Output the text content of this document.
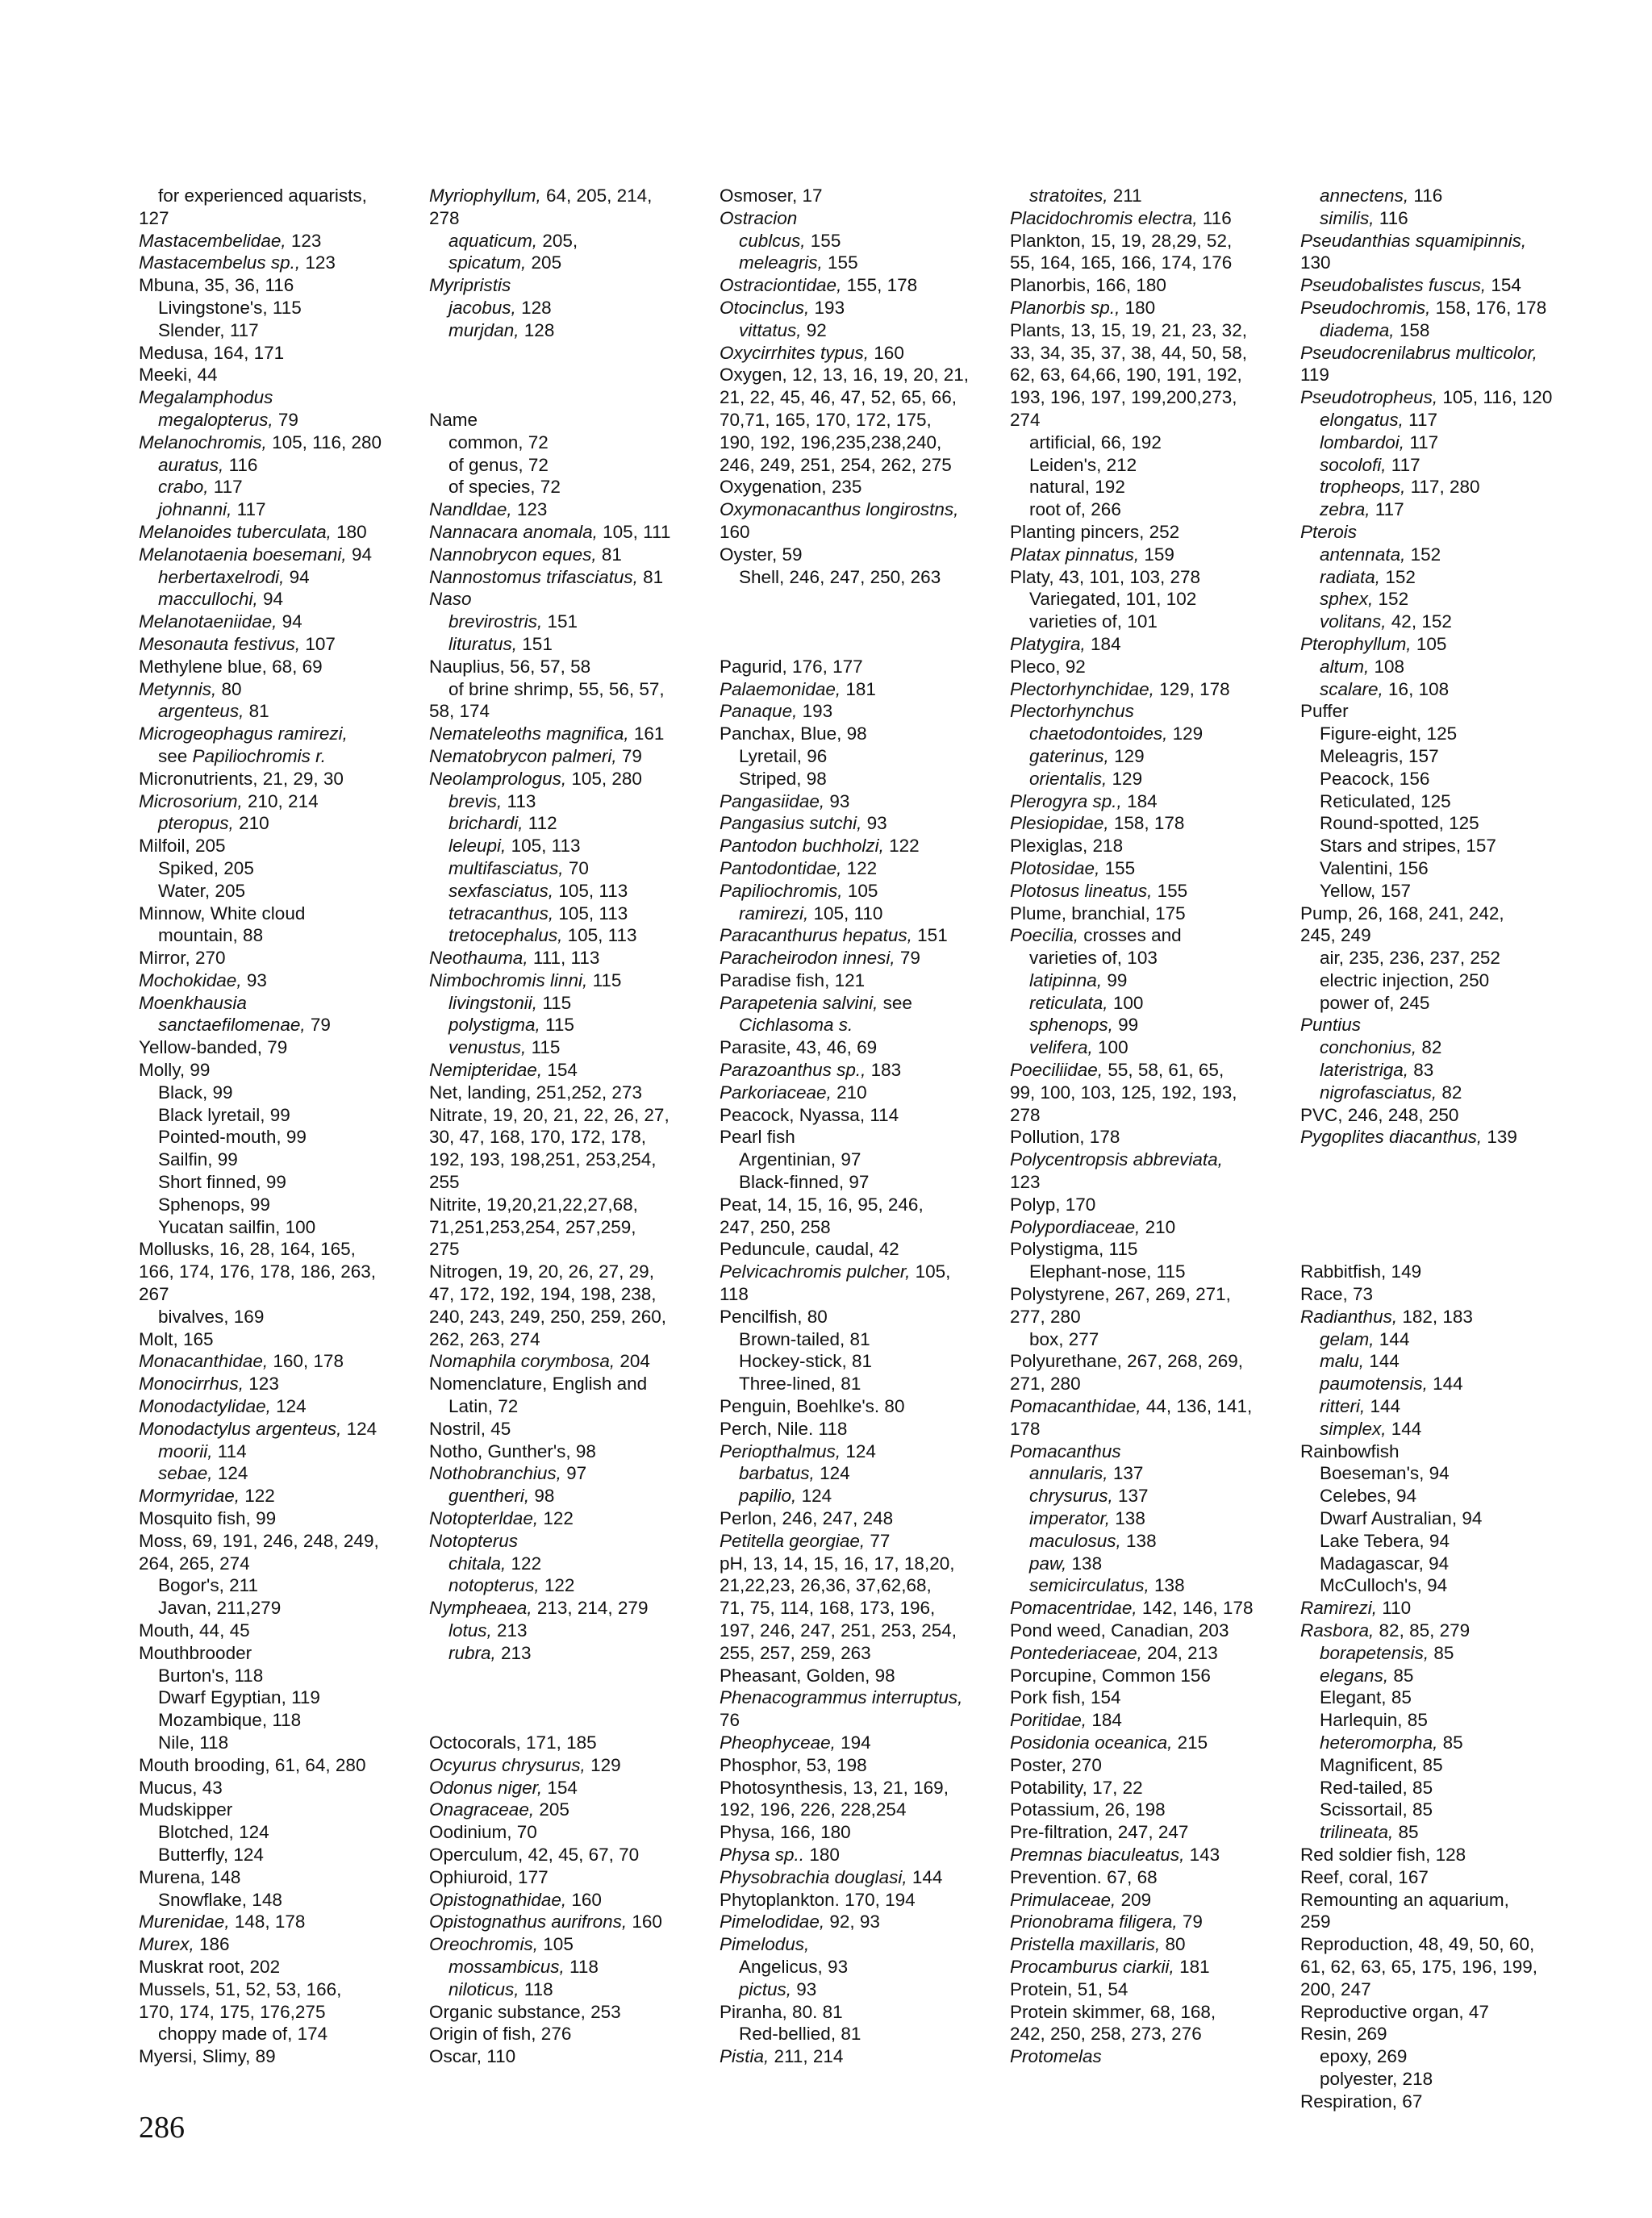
for experienced aquarists,
127
Mastacembelidae, 123
Mastacembelus sp., 123
Mbuna, 35, 36, 116
Livingstone's, 115
Slender, 117
Medusa, 164, 171
Meeki, 44
Megalamphodus
megalopterus, 79
Melanochromis, 105, 116, 280
auratus, 116
crabo, 117
johnanni, 117
Melanoides tuberculata, 180
Melanotaenia boesemani, 94
herbertaxelrodi, 94
maccullochi, 94
Melanotaeniidae, 94
Mesonauta festivus, 107
Methylene blue, 68, 69
Metynnis, 80
argenteus, 81
Microgeophagus ramirezi,
see Papiliochromis r.
Micronutrients, 21, 29, 30
Microsorium, 210, 214
pteropus, 210
Milfoil, 205
Spiked, 205
Water, 205
Minnow, White cloud
mountain, 88
Mirror, 270
Mochokidae, 93
Moenkhausia
sanctaefilomenae, 79
Yellow-banded, 79
Molly, 99
Black, 99
Black lyretail, 99
Pointed-mouth, 99
Sailfin, 99
Short finned, 99
Sphenops, 99
Yucatan sailfin, 100
Mollusks, 16, 28, 164, 165,
166, 174, 176, 178, 186, 263,
267
bivalves, 169
Molt, 165
Monacanthidae, 160, 178
Monocirrhus, 123
Monodactylidae, 124
Monodactylus argenteus, 124
moorii, 114
sebae, 124
Mormyridae, 122
Mosquito fish, 99
Moss, 69, 191, 246, 248, 249,
264, 265, 274
Bogor's, 211
Javan, 211,279
Mouth, 44, 45
Mouthbrooder
Burton's, 118
Dwarf Egyptian, 119
Mozambique, 118
Nile, 118
Mouth brooding, 61, 64, 280
Mucus, 43
Mudskipper
Blotched, 124
Butterfly, 124
Murena, 148
Snowflake, 148
Murenidae, 148, 178
Murex, 186
Muskrat root, 202
Mussels, 51, 52, 53, 166,
170, 174, 175, 176,275
choppy made of, 174
Myersi, Slimy, 89
Myriophyllum, 64, 205, 214,
278
aquaticum, 205,
spicatum, 205
Myripristis
jacobus, 128
murjdan, 128
Name
common, 72
of genus, 72
of species, 72
Nandldae, 123
Nannacara anomala, 105, 111
Nannobrycon eques, 81
Nannostomus trifasciatus, 81
Naso
brevirostris, 151
lituratus, 151
Nauplius, 56, 57, 58
of brine shrimp, 55, 56, 57,
58, 174
Nemateleoths magnifica, 161
Nematobrycon palmeri, 79
Neolamprologus, 105, 280
brevis, 113
brichardi, 112
leleupi, 105, 113
multifasciatus, 70
sexfasciatus, 105, 113
tetracanthus, 105, 113
tretocephalus, 105, 113
Neothauma, 111, 113
Nimbochromis linni, 115
livingstonii, 115
polystigma, 115
venustus, 115
Nemipteridae, 154
Net, landing, 251,252, 273
Nitrate, 19, 20, 21, 22, 26, 27,
30, 47, 168, 170, 172, 178,
192, 193, 198,251, 253,254,
255
Nitrite, 19,20,21,22,27,68,
71,251,253,254, 257,259,
275
Nitrogen, 19, 20, 26, 27, 29,
47, 172, 192, 194, 198, 238,
240, 243, 249, 250, 259, 260,
262, 263, 274
Nomaphila corymbosa, 204
Nomenclature, English and
Latin, 72
Nostril, 45
Notho, Gunther's, 98
Nothobranchius, 97
guentheri, 98
Notopterldae, 122
Notopterus
chitala, 122
notopterus, 122
Nympheaea, 213, 214, 279
lotus, 213
rubra, 213
Octocorals, 171, 185
Ocyurus chrysurus, 129
Odonus niger, 154
Onagraceae, 205
Oodinium, 70
Operculum, 42, 45, 67, 70
Ophiuroid, 177
Opistognathidae, 160
Opistognathus aurifrons, 160
Oreochromis, 105
mossambicus, 118
niloticus, 118
Organic substance, 253
Origin of fish, 276
Oscar, 110
Osmoser, 17
Ostracion
cublcus, 155
meleagris, 155
Ostraciontidae, 155, 178
Otocinclus, 193
vittatus, 92
Oxycirrhites typus, 160
Oxygen, 12, 13, 16, 19, 20, 21,
21, 22, 45, 46, 47, 52, 65, 66,
70,71, 165, 170, 172, 175,
190, 192, 196,235,238,240,
246, 249, 251, 254, 262, 275
Oxygenation, 235
Oxymonacanthus longirostns,
160
Oyster, 59
Shell, 246, 247, 250, 263
Pagurid, 176, 177
Palaemonidae, 181
Panaque, 193
Panchax, Blue, 98
Lyretail, 96
Striped, 98
Pangasiidae, 93
Pangasius sutchi, 93
Pantodon buchholzi, 122
Pantodontidae, 122
Papiliochromis, 105
ramirezi, 105, 110
Paracanthurus hepatus, 151
Paracheirodon innesi, 79
Paradise fish, 121
Parapetenia salvini, see
Cichlasoma s.
Parasite, 43, 46, 69
Parazoanthus sp., 183
Parkoriaceae, 210
Peacock, Nyassa, 114
Pearl fish
Argentinian, 97
Black-finned, 97
Peat, 14, 15, 16, 95, 246,
247, 250, 258
Peduncule, caudal, 42
Pelvicachromis pulcher, 105,
118
Pencilfish, 80
Brown-tailed, 81
Hockey-stick, 81
Three-lined, 81
Penguin, Boehlke's. 80
Perch, Nile. 118
Periopthalmus, 124
barbatus, 124
papilio, 124
Perlon, 246, 247, 248
Petitella georgiae, 77
pH, 13, 14, 15, 16, 17, 18,20,
21,22,23, 26,36, 37,62,68,
71, 75, 114, 168, 173, 196,
197, 246, 247, 251, 253, 254,
255, 257, 259, 263
Pheasant, Golden, 98
Phenacogrammus interruptus,
76
Pheophyceae, 194
Phosphor, 53, 198
Photosynthesis, 13, 21, 169,
192, 196, 226, 228,254
Physa, 166, 180
Physa sp.. 180
Physobrachia douglasi, 144
Phytoplankton. 170, 194
Pimelodidae, 92, 93
Pimelodus,
Angelicus, 93
pictus, 93
Piranha, 80. 81
Red-bellied, 81
Pistia, 211, 214
stratoites, 211
Placidochromis electra, 116
Plankton, 15, 19, 28,29, 52,
55, 164, 165, 166, 174, 176
Planorbis, 166, 180
Planorbis sp., 180
Plants, 13, 15, 19, 21, 23, 32,
33, 34, 35, 37, 38, 44, 50, 58,
62, 63, 64,66, 190, 191, 192,
193, 196, 197, 199,200,273,
274
artificial, 66, 192
Leiden's, 212
natural, 192
root of, 266
Planting pincers, 252
Platax pinnatus, 159
Platy, 43, 101, 103, 278
Variegated, 101, 102
varieties of, 101
Platygira, 184
Pleco, 92
Plectorhynchidae, 129, 178
Plectorhynchus
chaetodontoides, 129
gaterinus, 129
orientalis, 129
Plerogyra sp., 184
Plesiopidae, 158, 178
Plexiglas, 218
Plotosidae, 155
Plotosus lineatus, 155
Plume, branchial, 175
Poecilia, crosses and
varieties of, 103
latipinna, 99
reticulata, 100
sphenops, 99
velifera, 100
Poeciliidae, 55, 58, 61, 65,
99, 100, 103, 125, 192, 193,
278
Pollution, 178
Polycentropsis abbreviata,
123
Polyp, 170
Polypordiaceae, 210
Polystigma, 115
Elephant-nose, 115
Polystyrene, 267, 269, 271,
277, 280
box, 277
Polyurethane, 267, 268, 269,
271, 280
Pomacanthidae, 44, 136, 141,
178
Pomacanthus
annularis, 137
chrysurus, 137
imperator, 138
maculosus, 138
paw, 138
semicirculatus, 138
Pomacentridae, 142, 146, 178
Pond weed, Canadian, 203
Pontederiaceae, 204, 213
Porcupine, Common 156
Pork fish, 154
Poritidae, 184
Posidonia oceanica, 215
Poster, 270
Potability, 17, 22
Potassium, 26, 198
Pre-filtration, 247, 247
Premnas biaculeatus, 143
Prevention. 67, 68
Primulaceae, 209
Prionobrama filigera, 79
Pristella maxillaris, 80
Procamburus ciarkii, 181
Protein, 51, 54
Protein skimmer, 68, 168,
242, 250, 258, 273, 276
Protomelas
annectens, 116
similis, 116
Pseudanthias squamipinnis,
130
Pseudobalistes fuscus, 154
Pseudochromis, 158, 176, 178
diadema, 158
Pseudocrenilabrus multicolor,
119
Pseudotropheus, 105, 116, 120
elongatus, 117
lombardoi, 117
socolofi, 117
tropheops, 117, 280
zebra, 117
Pterois
antennata, 152
radiata, 152
sphex, 152
volitans, 42, 152
Pterophyllum, 105
altum, 108
scalare, 16, 108
Puffer
Figure-eight, 125
Meleagris, 157
Peacock, 156
Reticulated, 125
Round-spotted, 125
Stars and stripes, 157
Valentini, 156
Yellow, 157
Pump, 26, 168, 241, 242,
245, 249
air, 235, 236, 237, 252
electric injection, 250
power of, 245
Puntius
conchonius, 82
lateristriga, 83
nigrofasciatus, 82
PVC, 246, 248, 250
Pygoplites diacanthus, 139
Rabbitfish, 149
Race, 73
Radianthus, 182, 183
gelam, 144
malu, 144
paumotensis, 144
ritteri, 144
simplex, 144
Rainbowfish
Boeseman's, 94
Celebes, 94
Dwarf Australian, 94
Lake Tebera, 94
Madagascar, 94
McCulloch's, 94
Ramirezi, 110
Rasbora, 82, 85, 279
borapetensis, 85
elegans, 85
Elegant, 85
Harlequin, 85
heteromorpha, 85
Magnificent, 85
Red-tailed, 85
Scissortail, 85
trilineata, 85
Red soldier fish, 128
Reef, coral, 167
Remounting an aquarium,
259
Reproduction, 48, 49, 50, 60,
61, 62, 63, 65, 175, 196, 199,
200, 247
Reproductive organ, 47
Resin, 269
epoxy, 269
polyester, 218
Respiration, 67
286
